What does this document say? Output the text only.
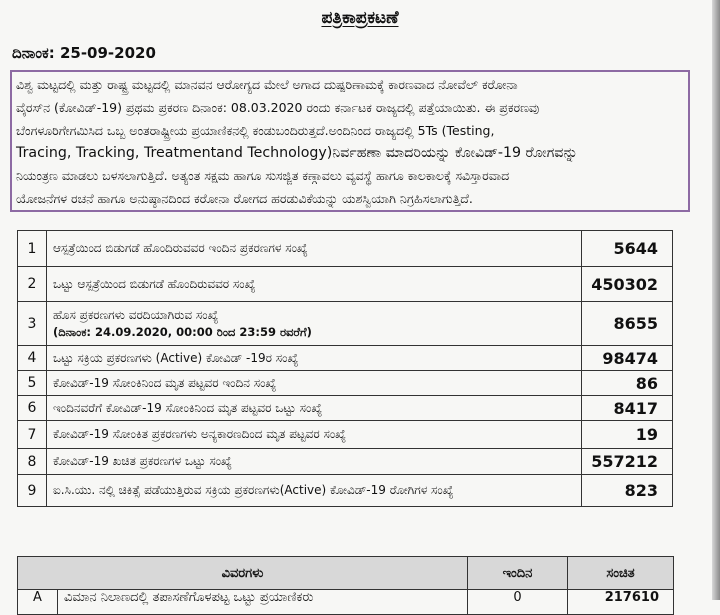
ಪತ್ರಿಕಾಪ್ರಕಟಣೆ
ದಿನಾಂಕ: 25-09-2020
ವಿಶ್ವ ಮಟ್ಟದಲ್ಲಿ ಮತ್ತು ರಾಷ್ಟ್ರ ಮಟ್ಟದಲ್ಲಿ ಮಾನವನ ಆರೋಗ್ಯದ ಮೇಲೆ ಅಗಾದ ದುಷ್ಪರಿಣಾಮಕ್ಕೆ ಕಾರಣವಾದ ನೋವೆಲ್ ಕರೋನಾ
ವೈರಸ್‌ನ (ಕೋವಿಡ್-19) ಪ್ರಥಮ ಪ್ರಕರಣ ದಿನಾಂಕ: 08.03.2020 ರಂದು ಕರ್ನಾಟಕ ರಾಜ್ಯದಲ್ಲಿ ಪತ್ತೆಯಾಯಿತು. ಈ ಪ್ರಕರಣವು
ಬೆಂಗಳೂರಿಗೇಗಮಿಸಿದ ಒಬ್ಬ ಅಂತರಾಷ್ಟ್ರೀಯ ಪ್ರಯಾಣಿಕನಲ್ಲಿ ಕಂಡುಬಂದಿರುತ್ತದೆ.ಅಂದಿನಿಂದ ರಾಜ್ಯದಲ್ಲಿ 5Ts (Testing,
Tracing, Tracking, Treatmentand Technology)ನಿರ್ವಹಣಾ ಮಾದರಿಯನ್ನು ಕೋವಿಡ್-19 ರೋಗವನ್ನು
ನಿಯಂತ್ರಣ ಮಾಡಲು ಬಳಸಲಾಗುತ್ತಿದೆ. ಅತ್ಯಂತ ಸಕ್ಷಮ ಹಾಗೂ ಸುಸಜ್ಜಿತ ಕಣ್ಗಾವಲು ವ್ಯವಸ್ಥೆ ಹಾಗೂ ಕಾಲಕಾಲಕ್ಕೆ ಸವಿಸ್ತಾರವಾದ
ಯೋಜನೆಗಳ ರಚನೆ ಹಾಗೂ ಅನುಷ್ಠಾನದಿಂದ ಕರೋನಾ ರೋಗದ ಹರಡುವಿಕೆಯನ್ನು ಯಶಸ್ವಿಯಾಗಿ ನಿಗ್ರಹಿಸಲಾಗುತ್ತಿದೆ.
1	ಆಸ್ಪತ್ರೆಯಿಂದ ಬಿಡುಗಡೆ ಹೊಂದಿರುವವರ ಇಂದಿನ ಪ್ರಕರಣಗಳ ಸಂಖ್ಯೆ	5644
2	ಒಟ್ಟು ಆಸ್ಪತ್ರೆಯಿಂದ ಬಿಡುಗಡೆ ಹೊಂದಿರುವವರ ಸಂಖ್ಯೆ	450302
3	ಹೊಸ ಪ್ರಕರಣಗಳು ವರದಿಯಾಗಿರುವ ಸಂಖ್ಯೆ
(ದಿನಾಂಕ: 24.09.2020, 00:00 ರಿಂದ 23:59 ರವರೆಗೆ)	8655
4	ಒಟ್ಟು ಸಕ್ರಿಯ ಪ್ರಕರಣಗಳು (Active) ಕೋವಿಡ್ -19ರ ಸಂಖ್ಯೆ	98474
5	ಕೋವಿಡ್-19 ಸೋಂಕಿನಿಂದ ಮೃತ ಪಟ್ಟವರ ಇಂದಿನ ಸಂಖ್ಯೆ	86
6	ಇಂದಿನವರೆಗೆ ಕೋವಿಡ್-19 ಸೋಂಕಿನಿಂದ ಮೃತ ಪಟ್ಟವರ ಒಟ್ಟು ಸಂಖ್ಯೆ	8417
7	ಕೋವಿಡ್-19 ಸೋಂಕಿತ ಪ್ರಕರಣಗಳು ಅನ್ಯಕಾರಣದಿಂದ ಮೃತ ಪಟ್ಟವರ ಸಂಖ್ಯೆ	19
8	ಕೋವಿಡ್-19 ಖಚಿತ ಪ್ರಕರಣಗಳ ಒಟ್ಟು ಸಂಖ್ಯೆ	557212
9	ಐ.ಸಿ.ಯು. ನಲ್ಲಿ ಚಿಕಿತ್ಸೆ ಪಡೆಯುತ್ತಿರುವ ಸಕ್ರಿಯ ಪ್ರಕರಣಗಳು(Active) ಕೋವಿಡ್-19 ರೋಗಿಗಳ ಸಂಖ್ಯೆ	823
ವಿವರಗಳು		ಇಂದಿನ	ಸಂಚಿತ
A	ವಿಮಾನ ನಿಲಾಣದಲ್ಲಿ ತಪಾಸಣೆಗೊಳಪಟ್ಟ ಒಟ್ಟು ಪ್ರಯಾಣಿಕರು	0	217610
